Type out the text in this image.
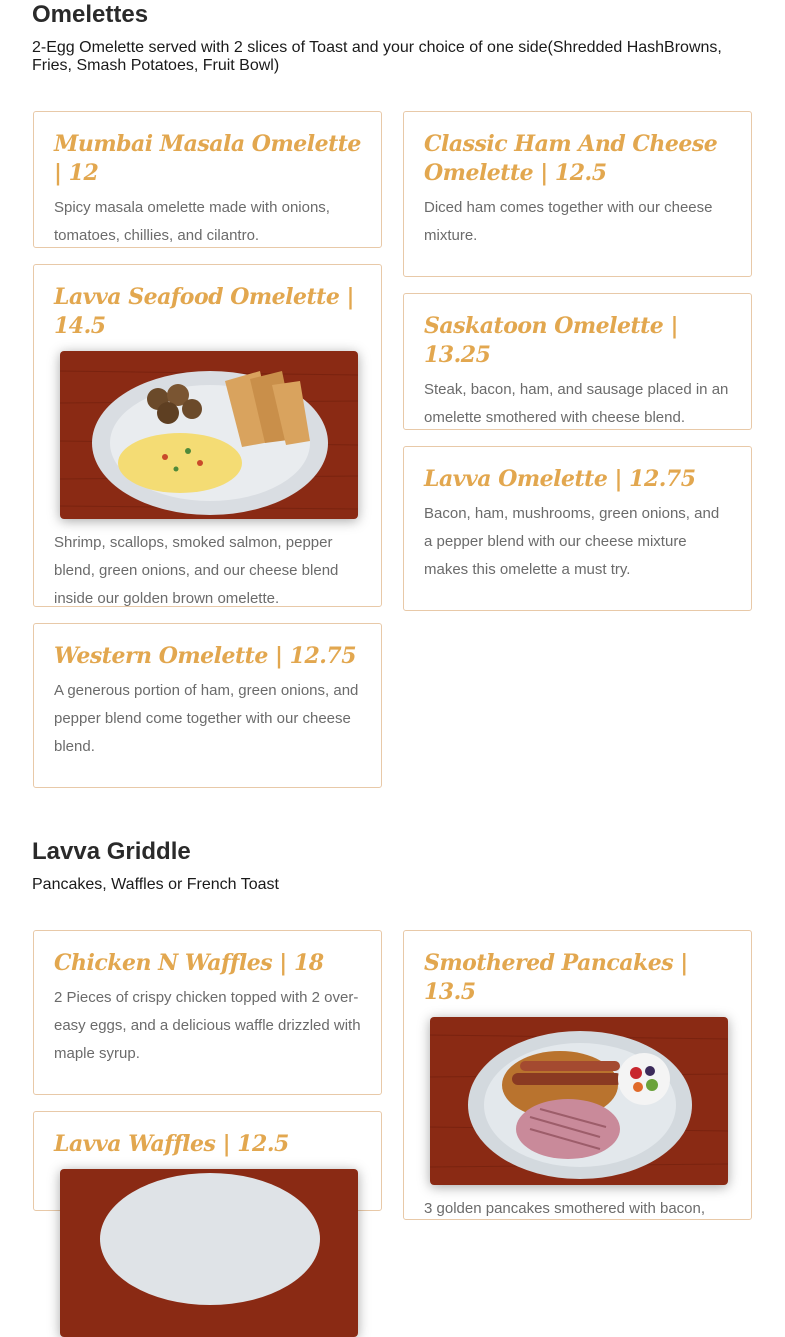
Omelettes

2-Egg Omelette served with 2 slices of Toast and your choice of one side(Shredded HashBrowns, Fries, Smash Potatoes, Fruit Bowl)

Mumbai Masala Omelette | 12

Spicy masala omelette made with onions, tomatoes, chillies, and cilantro.

Lavva Seafood Omelette | 14.5

Shrimp, scallops, smoked salmon, pepper blend, green onions, and our cheese blend inside our golden brown omelette.

Western Omelette | 12.75

A generous portion of ham, green onions, and pepper blend come together with our cheese blend.

Classic Ham And Cheese Omelette | 12.5

Diced ham comes together with our cheese mixture.

Saskatoon Omelette | 13.25

Steak, bacon, ham, and sausage placed in an omelette smothered with cheese blend.

Lavva Omelette | 12.75

Bacon, ham, mushrooms, green onions, and a pepper blend with our cheese mixture makes this omelette a must try.

Lavva Griddle

Pancakes, Waffles or French Toast

Chicken N Waffles | 18

2 Pieces of crispy chicken topped with 2 over-easy eggs, and a delicious waffle drizzled with maple syrup.

Lavva Waffles | 12.5
Smothered Pancakes | 13.5

3 golden pancakes smothered with bacon,
